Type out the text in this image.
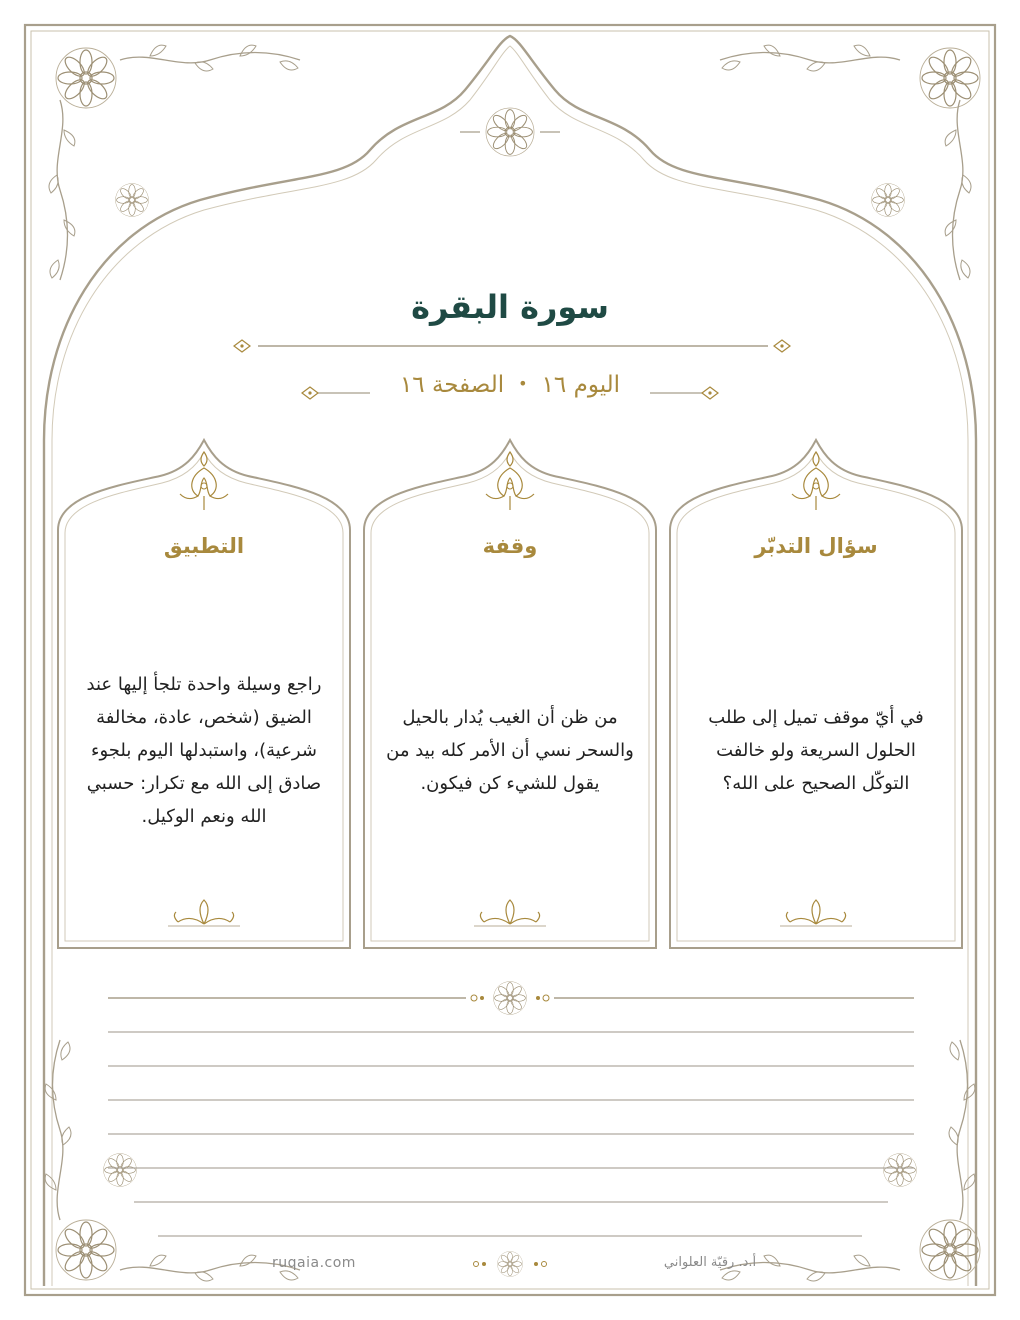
سورة البقرة
اليوم ١٦•الصفحة ١٦
سؤال التدبّر
في أيّ موقف تميل إلى طلب الحلول السريعة ولو خالفت التوكّل الصحيح على الله؟
وقفة
من ظن أن الغيب يُدار بالحيل والسحر نسي أن الأمر كله بيد من يقول للشيء كن فيكون.
التطبيق
راجع وسيلة واحدة تلجأ إليها عند الضيق (شخص، عادة، مخالفة شرعية)، واستبدلها اليوم بلجوء صادق إلى الله مع تكرار: حسبي الله ونعم الوكيل.
ruqaia.com	أ.د. رقيّة العلواني
